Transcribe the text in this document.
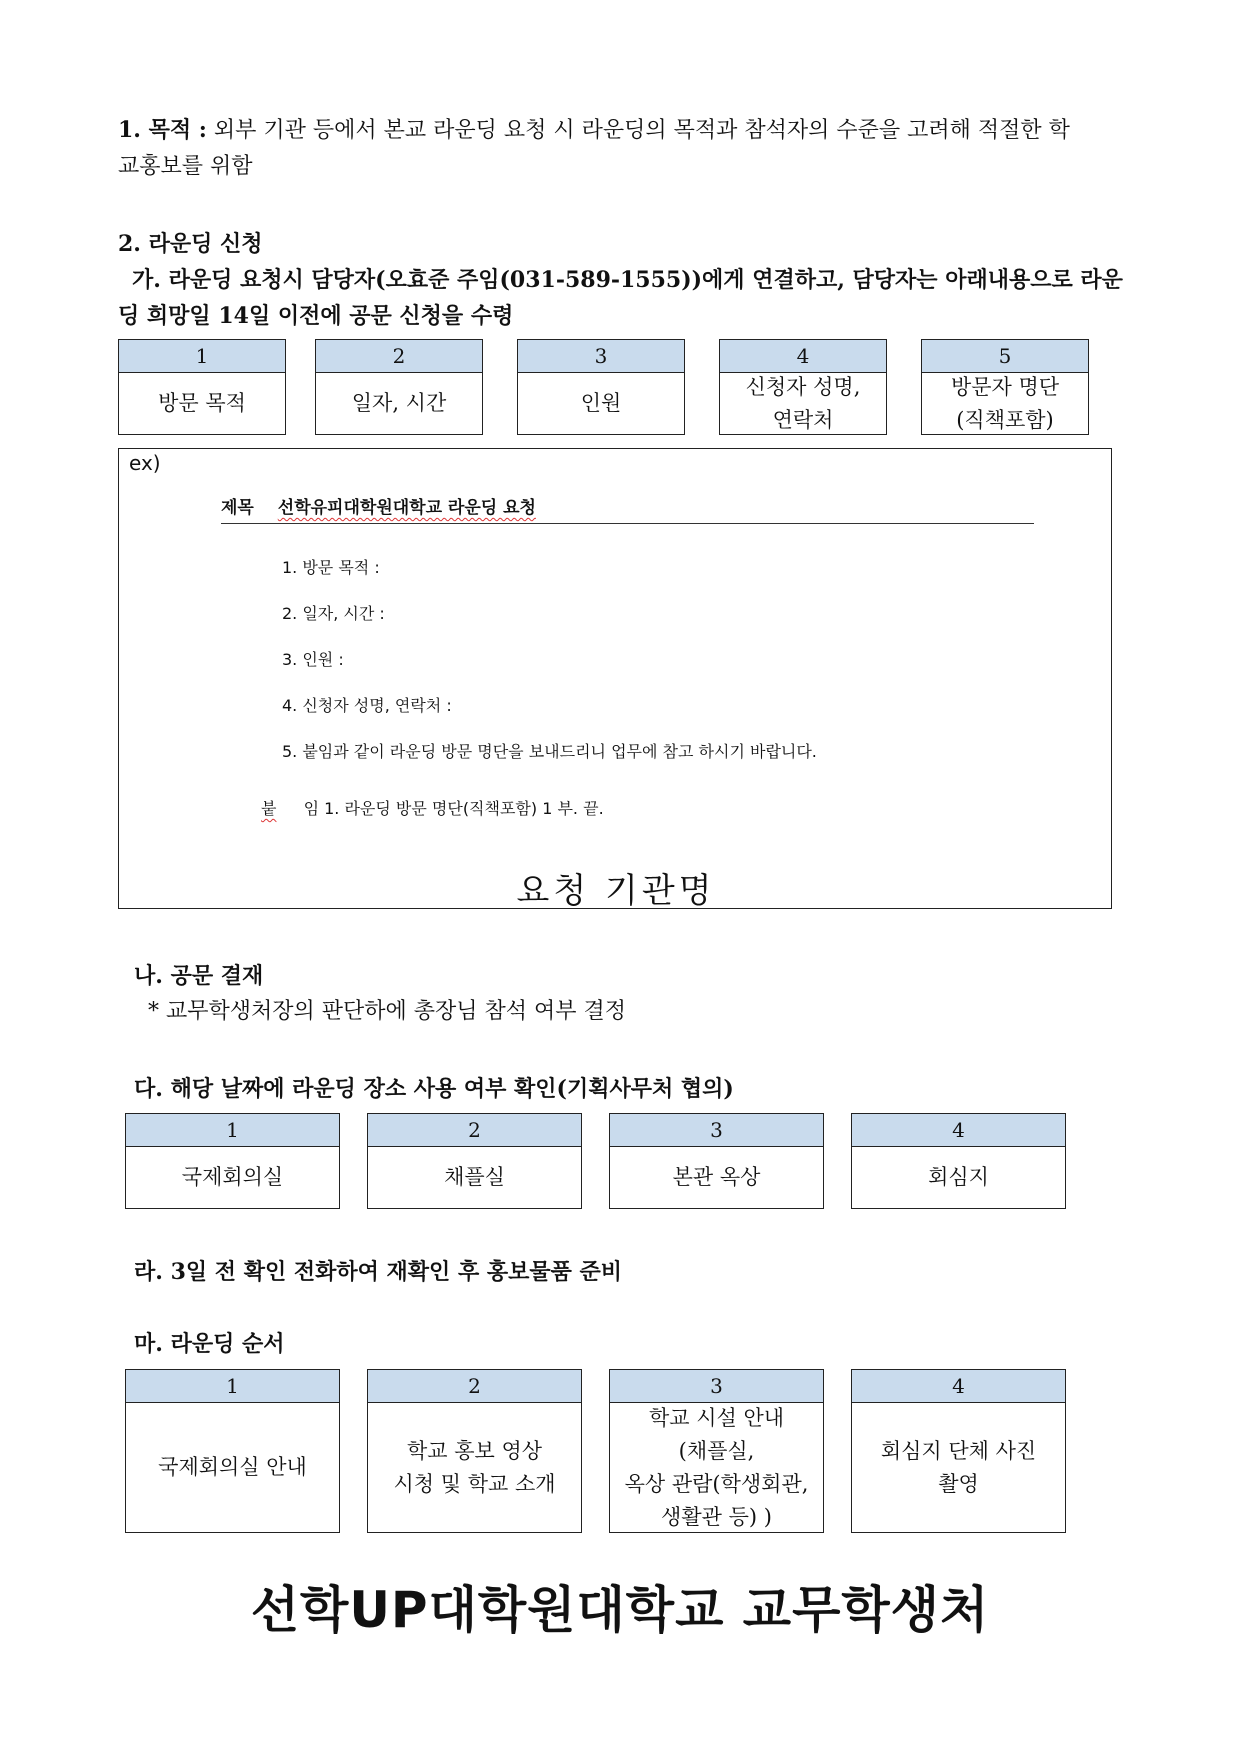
1. 목적 : 외부 기관 등에서 본교 라운딩 요청 시 라운딩의 목적과 참석자의 수준을 고려해 적절한 학
교홍보를 위함
2. 라운딩 신청
가. 라운딩 요청시 담당자(오효준 주임(031-589-1555))에게 연결하고, 담당자는 아래내용으로 라운
딩 희망일 14일 이전에 공문 신청을 수령
1
방문 목적
2
일자, 시간
3
인원
4
신청자 성명,
연락처
5
방문자 명단
(직책포함)
ex)
제목 선학유피대학원대학교 라운딩 요청
1. 방문 목적 :
2. 일자, 시간 :
3. 인원 :
4. 신청자 성명, 연락처 :
5. 붙임과 같이 라운딩 방문 명단을 보내드리니 업무에 참고 하시기 바랍니다.
붙 임 1. 라운딩 방문 명단(직책포함) 1 부. 끝.
요청 기관명
나. 공문 결재
* 교무학생처장의 판단하에 총장님 참석 여부 결정
다. 해당 날짜에 라운딩 장소 사용 여부 확인(기획사무처 협의)
1
국제회의실
2
채플실
3
본관 옥상
4
회심지
라. 3일 전 확인 전화하여 재확인 후 홍보물품 준비
마. 라운딩 순서
1
국제회의실 안내
2
학교 홍보 영상
시청 및 학교 소개
3
학교 시설 안내
(채플실,
옥상 관람(학생회관,
생활관 등) )
4
회심지 단체 사진
촬영
선학UP대학원대학교 교무학생처
